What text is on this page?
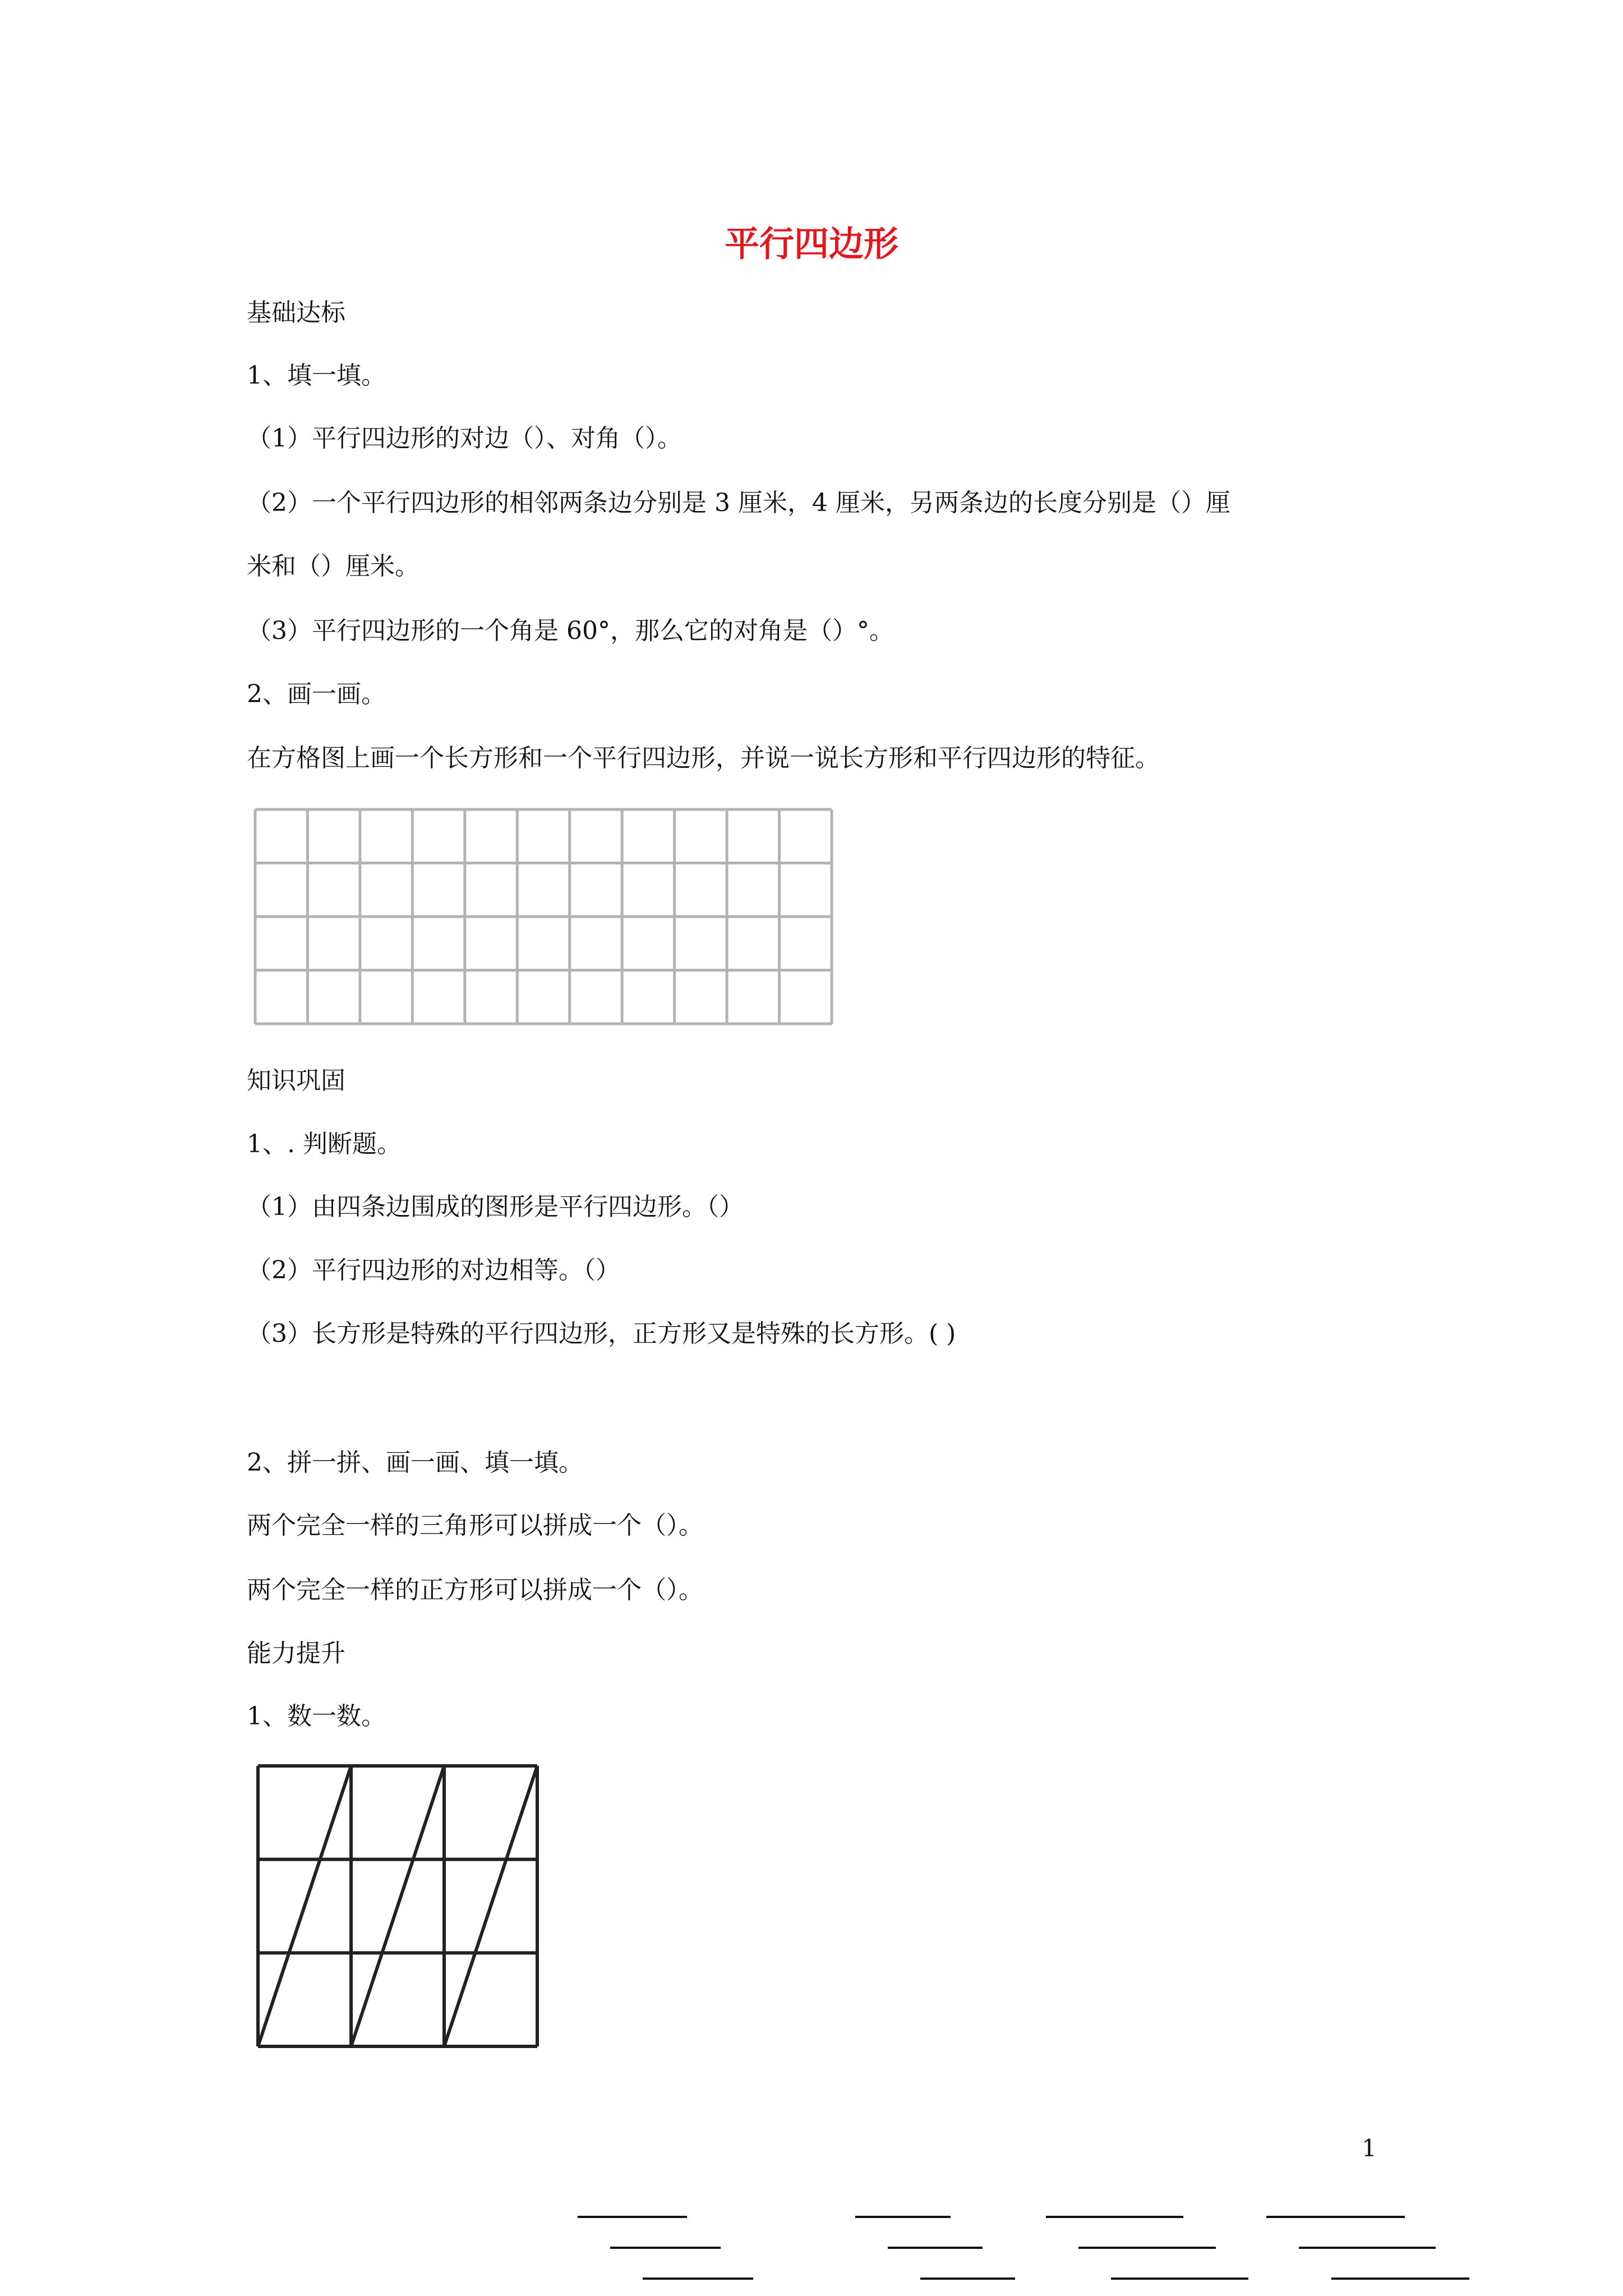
平行四边形
基础达标
1、填一填。
（1）平行四边形的对边（）、对角（）。
（2）一个平行四边形的相邻两条边分别是 3 厘米，4 厘米，另两条边的长度分别是（）厘
米和（）厘米。
（3）平行四边形的一个角是 60°，那么它的对角是（）°。
2、画一画。
在方格图上画一个长方形和一个平行四边形，并说一说长方形和平行四边形的特征。
知识巩固
1、. 判断题。
（1）由四条边围成的图形是平行四边形。（）
（2）平行四边形的对边相等。（）
（3）长方形是特殊的平行四边形，正方形又是特殊的长方形。( )
2、拼一拼、画一画、填一填。
两个完全一样的三角形可以拼成一个（）。
两个完全一样的正方形可以拼成一个（）。
能力提升
1、数一数。
1
